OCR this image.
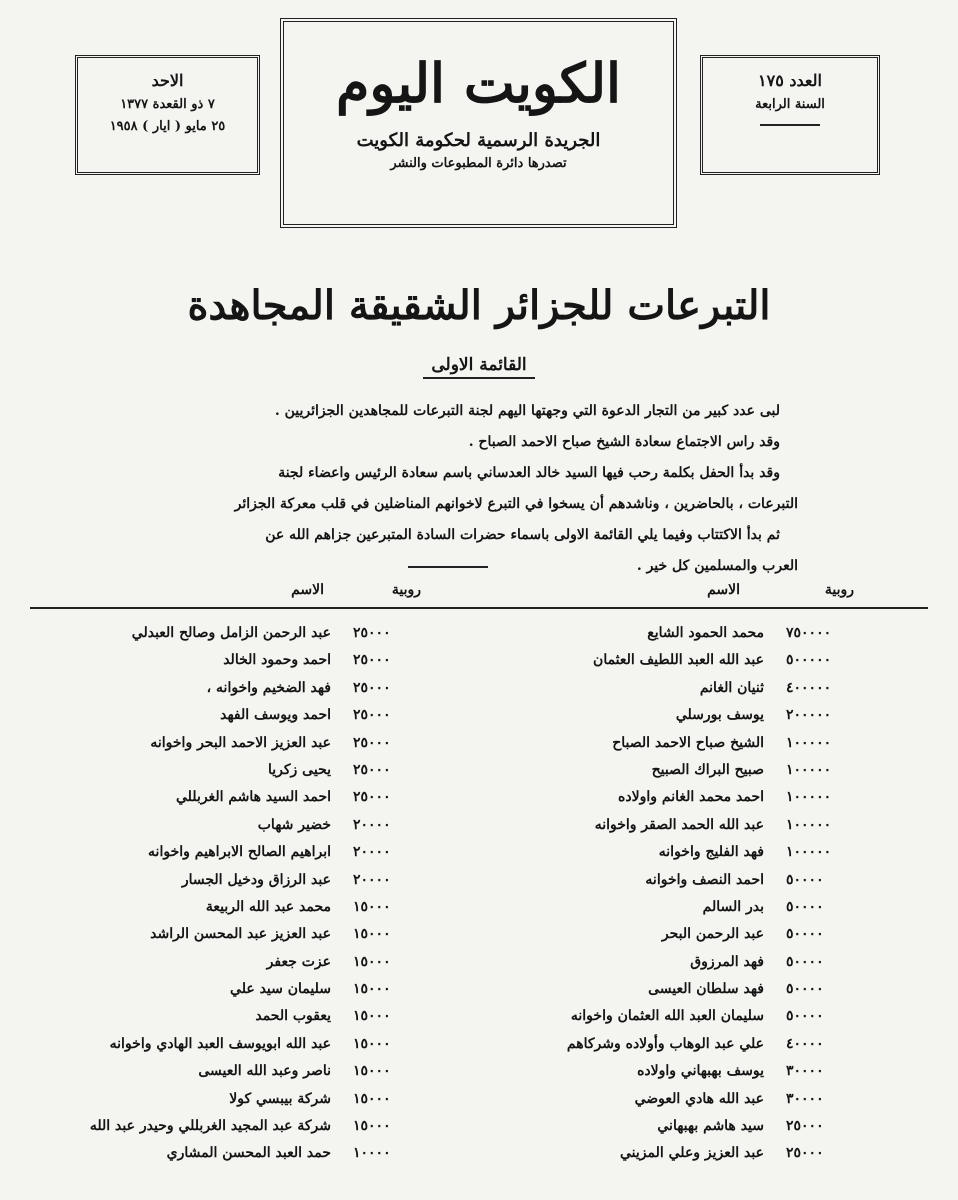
الاحد
٧ ذو القعدة ١٣٧٧
٢٥ مايو ( ايار ) ١٩٥٨
الكويت اليوم
الجريدة الرسمية لحكومة الكويت
تصدرها دائرة المطبوعات والنشر
العدد ١٧٥
السنة الرابعة
التبرعات للجزائر الشقيقة المجاهدة
القائمة الاولى

لبى عدد كبير من التجار الدعوة التي وجهتها اليهم لجنة التبرعات للمجاهدين الجزائريين .

وقد راس الاجتماع سعادة الشيخ صباح الاحمد الصباح .

وقد بدأ الحفل بكلمة رحب فيها السيد خالد العدساني باسم سعادة الرئيس واعضاء لجنة

التبرعات ، بالحاضرين ، وناشدهم أن يسخوا في التبرع لاخوانهم المناضلين في قلب معركة الجزائر

ثم بدأ الاكتتاب وفيما يلي القائمة الاولى باسماء حضرات السادة المتبرعين جزاهم الله عن

العرب والمسلمين كل خير .

روبية
الاسم
روبية
الاسم
٧٥٠٠٠٠
محمد الحمود الشايع
٥٠٠٠٠٠
عبد الله العبد اللطيف العثمان
٤٠٠٠٠٠
ثنيان الغانم
٢٠٠٠٠٠
يوسف بورسلي
١٠٠٠٠٠
الشيخ صباح الاحمد الصباح
١٠٠٠٠٠
صبيح البراك الصبيح
١٠٠٠٠٠
احمد محمد الغانم واولاده
١٠٠٠٠٠
عبد الله الحمد الصقر واخوانه
١٠٠٠٠٠
فهد الفليج واخوانه
٥٠٠٠٠
احمد النصف واخوانه
٥٠٠٠٠
بدر السالم
٥٠٠٠٠
عبد الرحمن البحر
٥٠٠٠٠
فهد المرزوق
٥٠٠٠٠
فهد سلطان العيسى
٥٠٠٠٠
سليمان العبد الله العثمان واخوانه
٤٠٠٠٠
علي عبد الوهاب وأولاده وشركاهم
٣٠٠٠٠
يوسف بهبهاني واولاده
٣٠٠٠٠
عبد الله هادي العوضي
٢٥٠٠٠
سيد هاشم بهبهاني
٢٥٠٠٠
عبد العزيز وعلي المزيني
٢٥٠٠٠
عبد الرحمن الزامل وصالح العبدلي
٢٥٠٠٠
احمد وحمود الخالد
٢٥٠٠٠
فهد الضخيم واخوانه ،
٢٥٠٠٠
احمد ويوسف الفهد
٢٥٠٠٠
عبد العزيز الاحمد البحر واخوانه
٢٥٠٠٠
يحيى زكريا
٢٥٠٠٠
احمد السيد هاشم الغربللي
٢٠٠٠٠
خضير شهاب
٢٠٠٠٠
ابراهيم الصالح الابراهيم واخوانه
٢٠٠٠٠
عبد الرزاق ودخيل الجسار
١٥٠٠٠
محمد عبد الله الربيعة
١٥٠٠٠
عبد العزيز عبد المحسن الراشد
١٥٠٠٠
عزت جعفر
١٥٠٠٠
سليمان سيد علي
١٥٠٠٠
يعقوب الحمد
١٥٠٠٠
عبد الله ابويوسف العبد الهادي واخوانه
١٥٠٠٠
ناصر وعبد الله العيسى
١٥٠٠٠
شركة بيبسي كولا
١٥٠٠٠
شركة عبد المجيد الغربللي وحيدر عبد الله
١٠٠٠٠
حمد العبد المحسن المشاري
